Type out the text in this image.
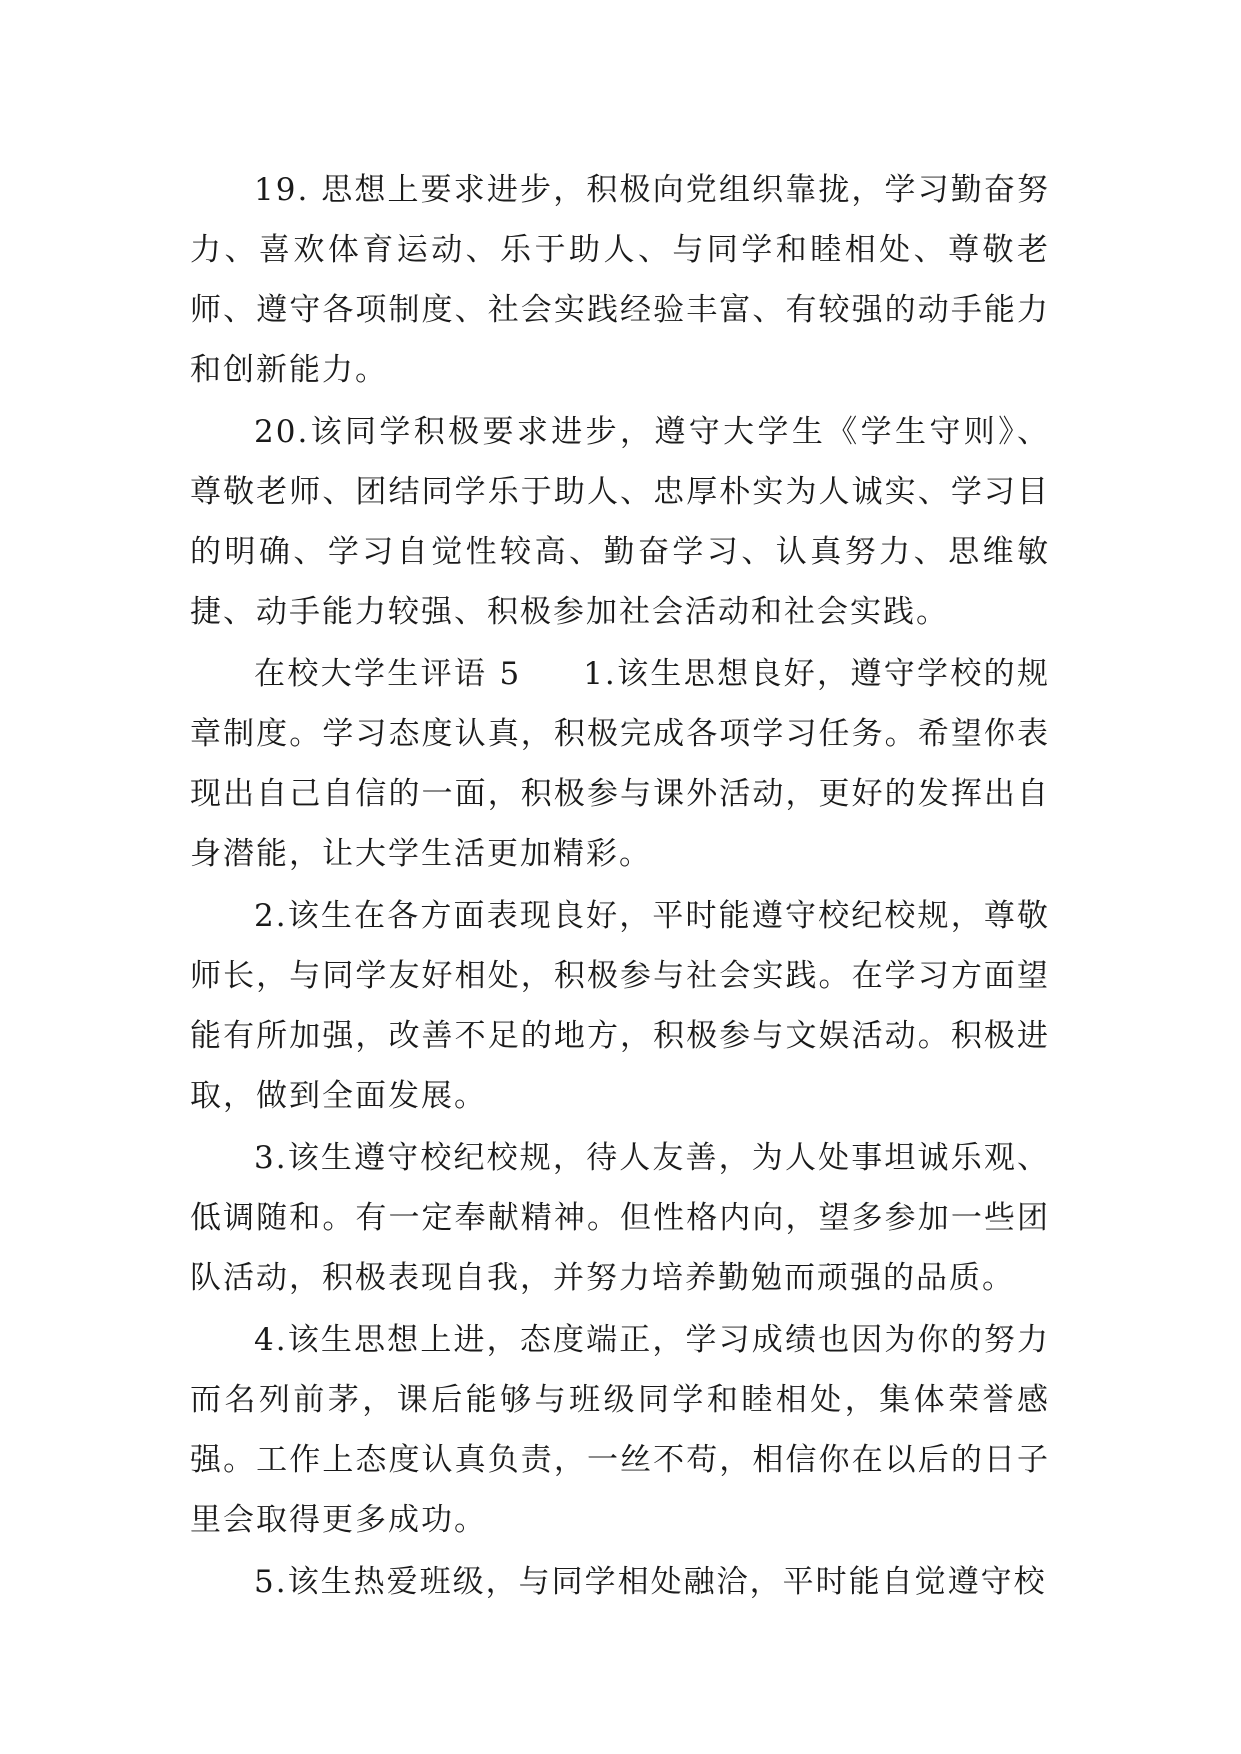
19. 思想上要求进步，积极向党组织靠拢，学习勤奋努力、喜欢体育运动、乐于助人、与同学和睦相处、尊敬老师、遵守各项制度、社会实践经验丰富、有较强的动手能力和创新能力。

20.该同学积极要求进步，遵守大学生《学生守则》、尊敬老师、团结同学乐于助人、忠厚朴实为人诚实、学习目的明确、学习自觉性较高、勤奋学习、认真努力、思维敏捷、动手能力较强、积极参加社会活动和社会实践。

在校大学生评语 5 1.该生思想良好，遵守学校的规章制度。学习态度认真，积极完成各项学习任务。希望你表现出自己自信的一面，积极参与课外活动，更好的发挥出自身潜能，让大学生活更加精彩。

2.该生在各方面表现良好，平时能遵守校纪校规，尊敬师长，与同学友好相处，积极参与社会实践。在学习方面望能有所加强，改善不足的地方，积极参与文娱活动。积极进取，做到全面发展。

3.该生遵守校纪校规，待人友善，为人处事坦诚乐观、低调随和。有一定奉献精神。但性格内向，望多参加一些团队活动，积极表现自我，并努力培养勤勉而顽强的品质。

4.该生思想上进，态度端正，学习成绩也因为你的努力而名列前茅，课后能够与班级同学和睦相处，集体荣誉感强。工作上态度认真负责，一丝不苟，相信你在以后的日子里会取得更多成功。

5.该生热爱班级，与同学相处融洽，平时能自觉遵守校
